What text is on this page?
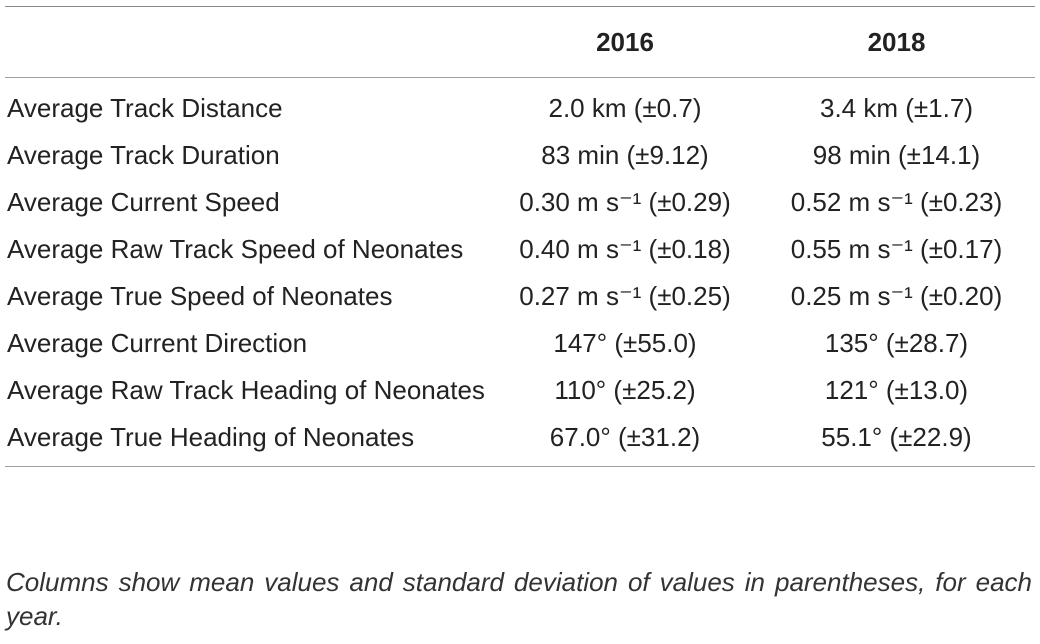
	2016	2018
Average Track Distance	2.0 km (±0.7)	3.4 km (±1.7)
Average Track Duration	83 min (±9.12)	98 min (±14.1)
Average Current Speed	0.30 m s⁻¹ (±0.29)	0.52 m s⁻¹ (±0.23)
Average Raw Track Speed of Neonates	0.40 m s⁻¹ (±0.18)	0.55 m s⁻¹ (±0.17)
Average True Speed of Neonates	0.27 m s⁻¹ (±0.25)	0.25 m s⁻¹ (±0.20)
Average Current Direction	147° (±55.0)	135° (±28.7)
Average Raw Track Heading of Neonates	110° (±25.2)	121° (±13.0)
Average True Heading of Neonates	67.0° (±31.2)	55.1° (±22.9)
Columns show mean values and standard deviation of values in parentheses, for each year.
